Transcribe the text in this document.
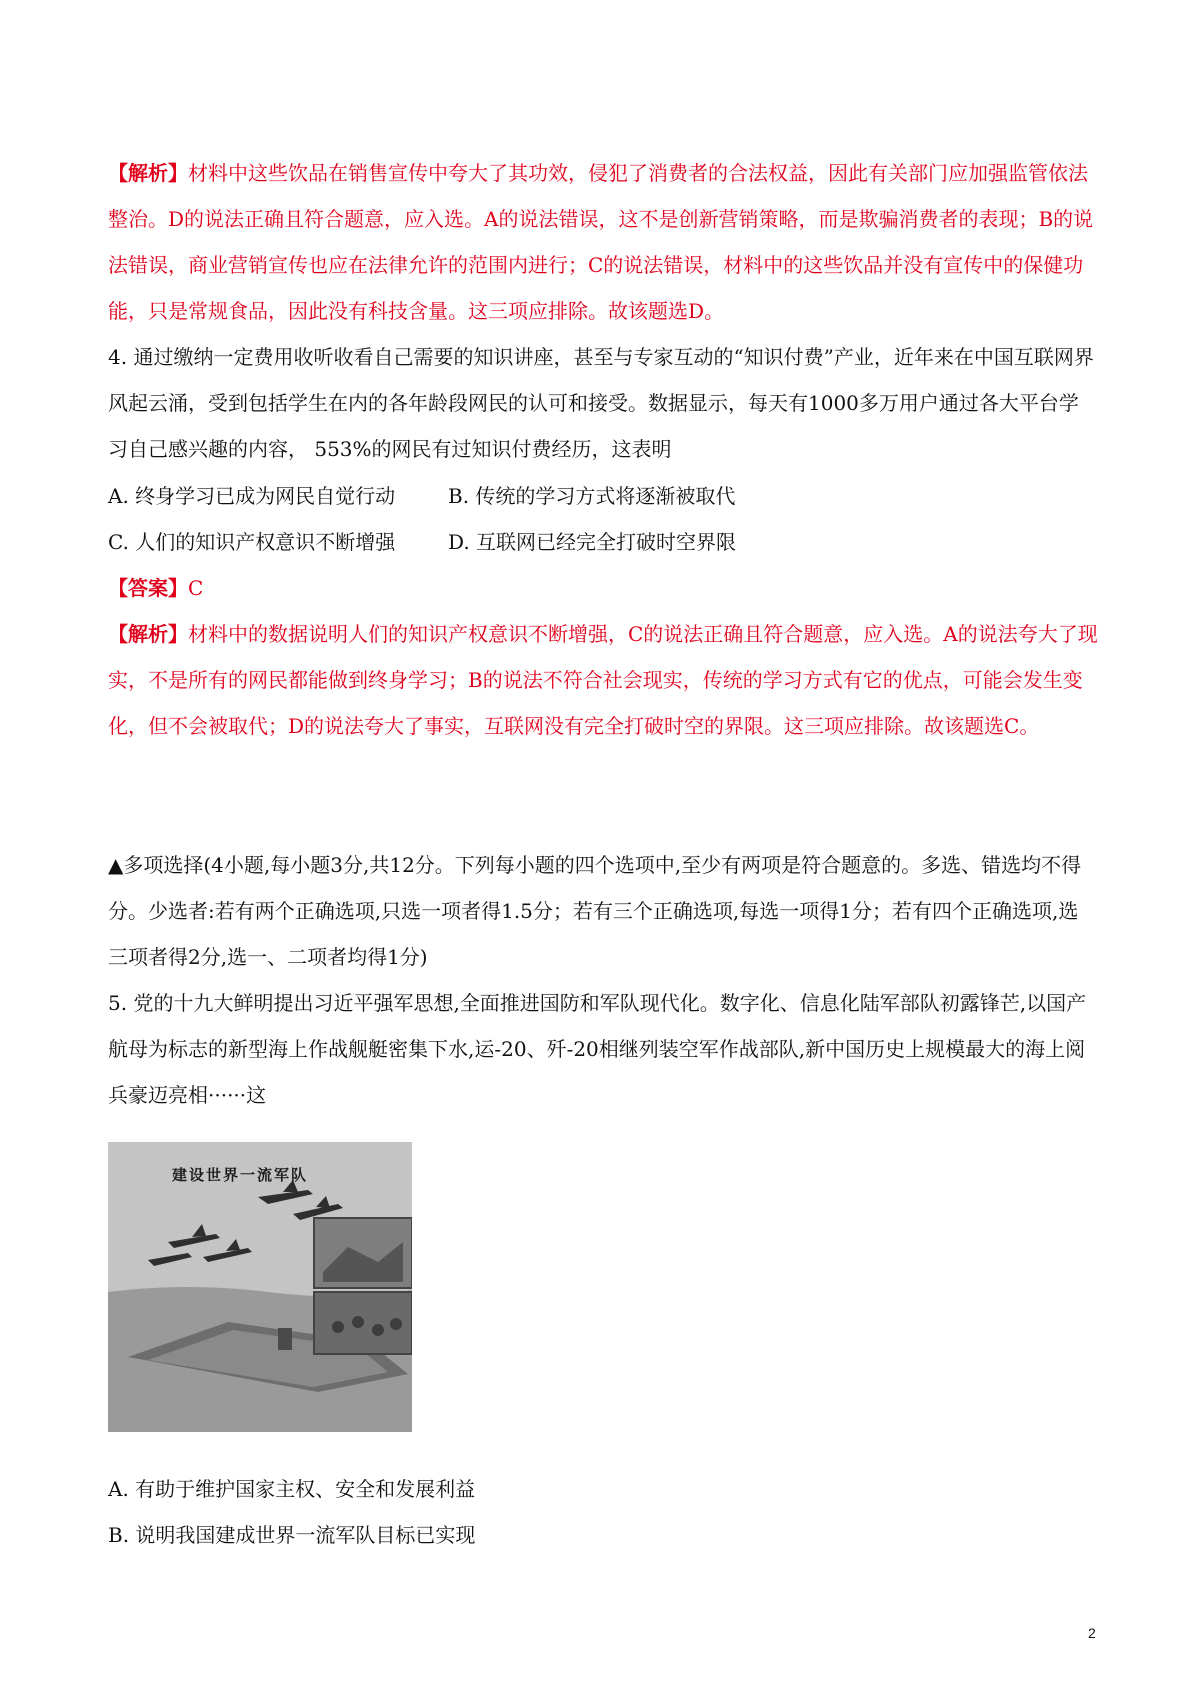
【解析】材料中这些饮品在销售宣传中夸大了其功效，侵犯了消费者的合法权益，因此有关部门应加强监管依法整治。D的说法正确且符合题意，应入选。A的说法错误，这不是创新营销策略，而是欺骗消费者的表现；B的说法错误，商业营销宣传也应在法律允许的范围内进行；C的说法错误，材料中的这些饮品并没有宣传中的保健功能，只是常规食品，因此没有科技含量。这三项应排除。故该题选D。

4. 通过缴纳一定费用收听收看自己需要的知识讲座，甚至与专家互动的“知识付费”产业，近年来在中国互联网界风起云涌，受到包括学生在内的各年龄段网民的认可和接受。数据显示，每天有1000多万用户通过各大平台学习自己感兴趣的内容， 553%的网民有过知识付费经历，这表明

A. 终身学习已成为网民自觉行动	B. 传统的学习方式将逐渐被取代
C. 人们的知识产权意识不断增强	D. 互联网已经完全打破时空界限
【答案】C

【解析】材料中的数据说明人们的知识产权意识不断增强，C的说法正确且符合题意，应入选。A的说法夸大了现实，不是所有的网民都能做到终身学习；B的说法不符合社会现实，传统的学习方式有它的优点，可能会发生变化，但不会被取代；D的说法夸大了事实，互联网没有完全打破时空的界限。这三项应排除。故该题选C。

▲多项选择(4小题,每小题3分,共12分。下列每小题的四个选项中,至少有两项是符合题意的。多选、错选均不得分。少选者:若有两个正确选项,只选一项者得1.5分；若有三个正确选项,每选一项得1分；若有四个正确选项,选三项者得2分,选一、二项者均得1分)

5. 党的十九大鲜明提出习近平强军思想,全面推进国防和军队现代化。数字化、信息化陆军部队初露锋芒,以国产航母为标志的新型海上作战舰艇密集下水,运-20、歼-20相继列装空军作战部队,新中国历史上规模最大的海上阅兵豪迈亮相······这

建设世界一流军队
A. 有助于维护国家主权、安全和发展利益
B. 说明我国建成世界一流军队目标已实现
2
